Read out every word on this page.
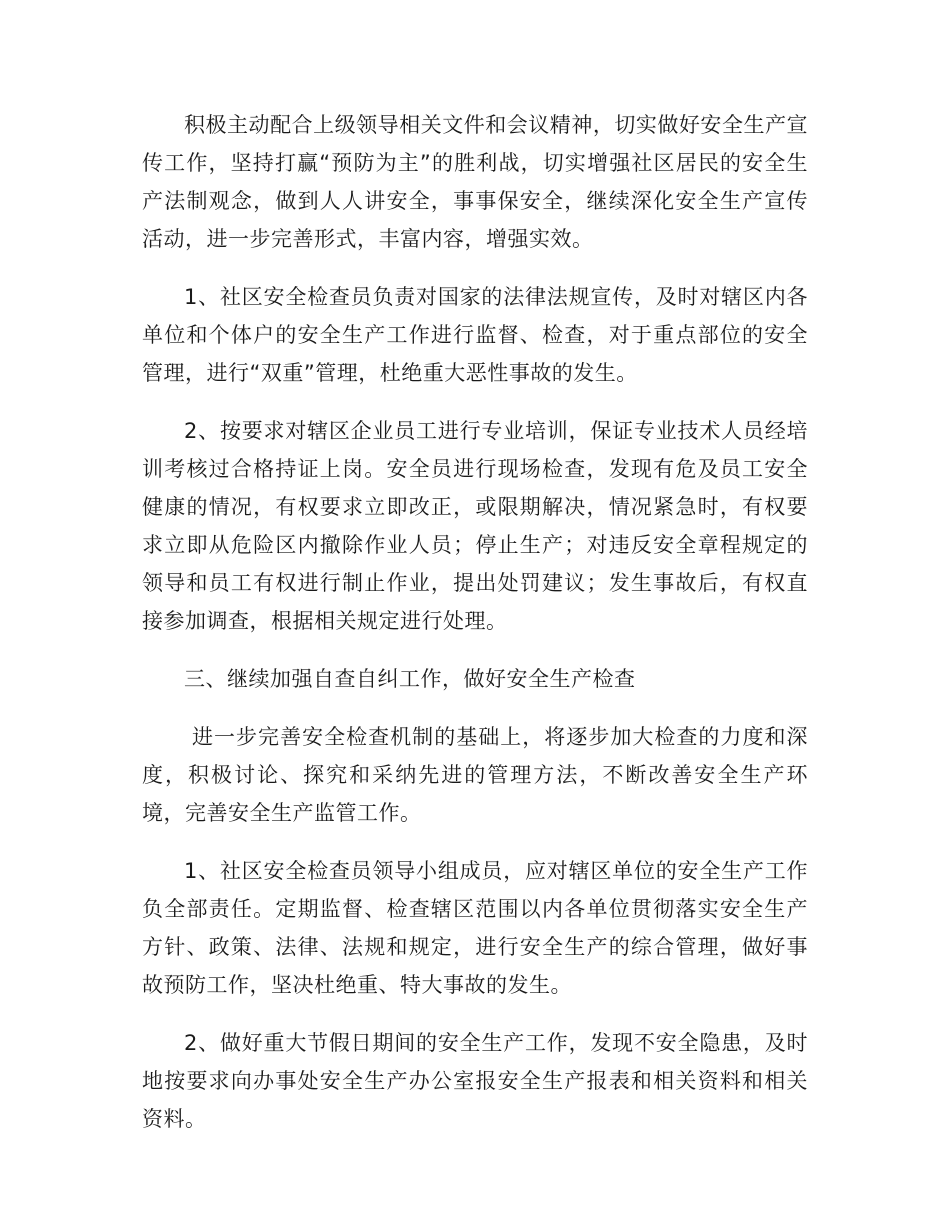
积极主动配合上级领导相关文件和会议精神，切实做好安全生产宣传工作，坚持打赢“预防为主”的胜利战，切实增强社区居民的安全生产法制观念，做到人人讲安全，事事保安全，继续深化安全生产宣传活动，进一步完善形式，丰富内容，增强实效。

1、社区安全检查员负责对国家的法律法规宣传，及时对辖区内各单位和个体户的安全生产工作进行监督、检查，对于重点部位的安全管理，进行“双重”管理，杜绝重大恶性事故的发生。

2、按要求对辖区企业员工进行专业培训，保证专业技术人员经培训考核过合格持证上岗。安全员进行现场检查，发现有危及员工安全健康的情况，有权要求立即改正，或限期解决，情况紧急时，有权要求立即从危险区内撤除作业人员；停止生产；对违反安全章程规定的领导和员工有权进行制止作业，提出处罚建议；发生事故后，有权直接参加调查，根据相关规定进行处理。

三、继续加强自查自纠工作，做好安全生产检查

进一步完善安全检查机制的基础上，将逐步加大检查的力度和深度，积极讨论、探究和采纳先进的管理方法，不断改善安全生产环境，完善安全生产监管工作。

1、社区安全检查员领导小组成员，应对辖区单位的安全生产工作负全部责任。定期监督、检查辖区范围以内各单位贯彻落实安全生产方针、政策、法律、法规和规定，进行安全生产的综合管理，做好事故预防工作，坚决杜绝重、特大事故的发生。

2、做好重大节假日期间的安全生产工作，发现不安全隐患，及时地按要求向办事处安全生产办公室报安全生产报表和相关资料和相关资料。
